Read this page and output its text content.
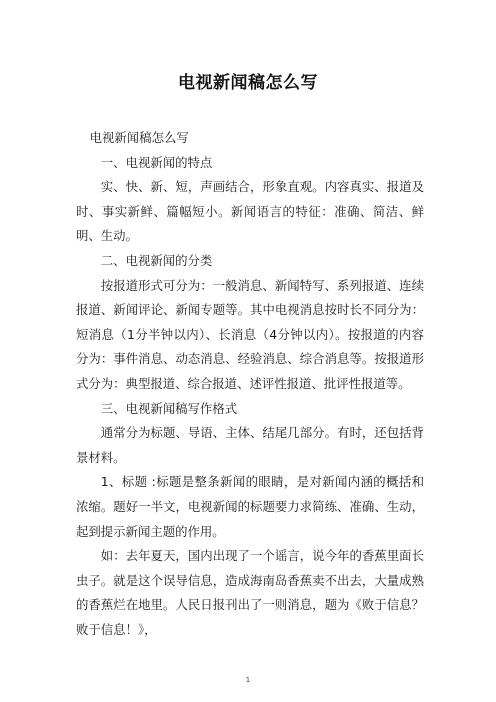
电视新闻稿怎么写

电视新闻稿怎么写

一、电视新闻的特点

实、快、新、短，声画结合，形象直观。内容真实、报道及时、事实新鲜、篇幅短小。新闻语言的特征：准确、简洁、鲜明、生动。

二、电视新闻的分类

按报道形式可分为：一般消息、新闻特写、系列报道、连续报道、新闻评论、新闻专题等。其中电视消息按时长不同分为：短消息（1分半钟以内）、长消息（4分钟以内）。按报道的内容分为：事件消息、动态消息、经验消息、综合消息等。按报道形式分为：典型报道、综合报道、述评性报道、批评性报道等。

三、电视新闻稿写作格式

通常分为标题、导语、主体、结尾几部分。有时，还包括背景材料。

1、标题 :标题是整条新闻的眼睛，是对新闻内涵的概括和浓缩。题好一半文，电视新闻的标题要力求简练、准确、生动，起到提示新闻主题的作用。

如：去年夏天，国内出现了一个谣言，说今年的香蕉里面长虫子。就是这个误导信息，造成海南岛香蕉卖不出去，大量成熟的香蕉烂在地里。人民日报刊出了一则消息，题为《败于信息？败于信息！》，

1
